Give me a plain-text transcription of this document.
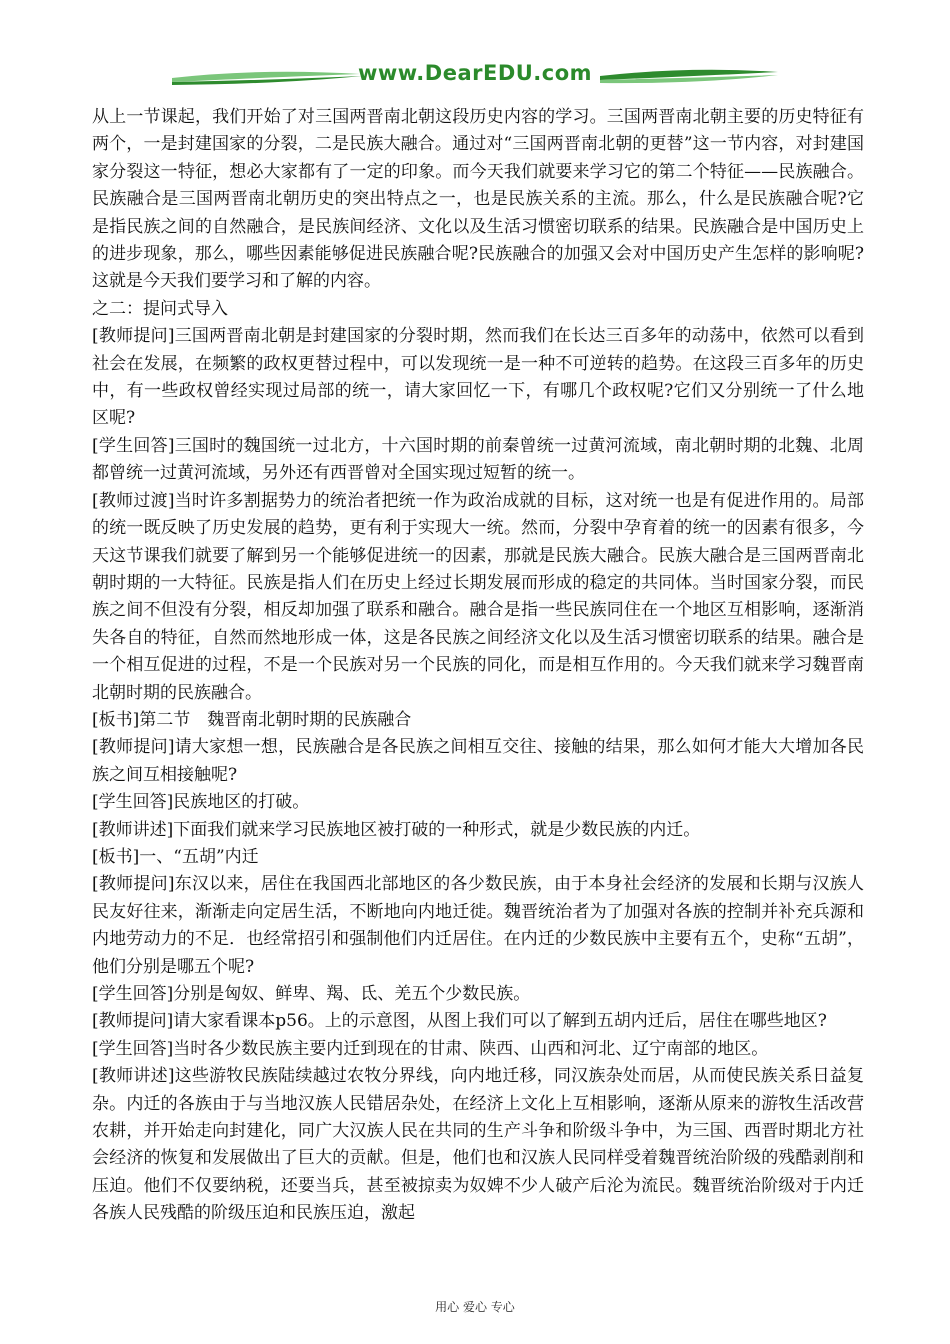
www.DearEDU.com

从上一节课起，我们开始了对三国两晋南北朝这段历史内容的学习。三国两晋南北朝主要的历史特征有两个，一是封建国家的分裂，二是民族大融合。通过对“三国两晋南北朝的更替”这一节内容，对封建国家分裂这一特征，想必大家都有了一定的印象。而今天我们就要来学习它的第二个特征——民族融合。民族融合是三国两晋南北朝历史的突出特点之一，也是民族关系的主流。那么，什么是民族融合呢?它是指民族之间的自然融合，是民族间经济、文化以及生活习惯密切联系的结果。民族融合是中国历史上的进步现象，那么，哪些因素能够促进民族融合呢?民族融合的加强又会对中国历史产生怎样的影响呢?这就是今天我们要学习和了解的内容。

之二：提问式导入

[教师提问]三国两晋南北朝是封建国家的分裂时期，然而我们在长达三百多年的动荡中，依然可以看到社会在发展，在频繁的政权更替过程中，可以发现统一是一种不可逆转的趋势。在这段三百多年的历史中，有一些政权曾经实现过局部的统一，请大家回忆一下，有哪几个政权呢?它们又分别统一了什么地区呢?

[学生回答]三国时的魏国统一过北方，十六国时期的前秦曾统一过黄河流域，南北朝时期的北魏、北周都曾统一过黄河流域，另外还有西晋曾对全国实现过短暂的统一。

[教师过渡]当时许多割据势力的统治者把统一作为政治成就的目标，这对统一也是有促进作用的。局部的统一既反映了历史发展的趋势，更有利于实现大一统。然而，分裂中孕育着的统一的因素有很多，今天这节课我们就要了解到另一个能够促进统一的因素，那就是民族大融合。民族大融合是三国两晋南北朝时期的一大特征。民族是指人们在历史上经过长期发展而形成的稳定的共同体。当时国家分裂，而民族之间不但没有分裂，相反却加强了联系和融合。融合是指一些民族同住在一个地区互相影响，逐渐消失各自的特征，自然而然地形成一体，这是各民族之间经济文化以及生活习惯密切联系的结果。融合是一个相互促进的过程，不是一个民族对另一个民族的同化，而是相互作用的。今天我们就来学习魏晋南北朝时期的民族融合。

[板书]第二节　魏晋南北朝时期的民族融合

[教师提问]请大家想一想，民族融合是各民族之间相互交往、接触的结果，那么如何才能大大增加各民族之间互相接触呢?

[学生回答]民族地区的打破。

[教师讲述]下面我们就来学习民族地区被打破的一种形式，就是少数民族的内迁。

[板书]一、“五胡”内迁

[教师提问]东汉以来，居住在我国西北部地区的各少数民族，由于本身社会经济的发展和长期与汉族人民友好往来，渐渐走向定居生活，不断地向内地迁徙。魏晋统治者为了加强对各族的控制并补充兵源和内地劳动力的不足．也经常招引和强制他们内迁居住。在内迁的少数民族中主要有五个，史称“五胡”，他们分别是哪五个呢?

[学生回答]分别是匈奴、鲜卑、羯、氐、羌五个少数民族。

[教师提问]请大家看课本p56。上的示意图，从图上我们可以了解到五胡内迁后，居住在哪些地区?

[学生回答]当时各少数民族主要内迁到现在的甘肃、陕西、山西和河北、辽宁南部的地区。

[教师讲述]这些游牧民族陆续越过农牧分界线，向内地迁移，同汉族杂处而居，从而使民族关系日益复杂。内迁的各族由于与当地汉族人民错居杂处，在经济上文化上互相影响，逐渐从原来的游牧生活改营农耕，并开始走向封建化，同广大汉族人民在共同的生产斗争和阶级斗争中，为三国、西晋时期北方社会经济的恢复和发展做出了巨大的贡献。但是，他们也和汉族人民同样受着魏晋统治阶级的残酷剥削和压迫。他们不仅要纳税，还要当兵，甚至被掠卖为奴婢不少人破产后沦为流民。魏晋统治阶级对于内迁各族人民残酷的阶级压迫和民族压迫，激起

用心 爱心 专心
